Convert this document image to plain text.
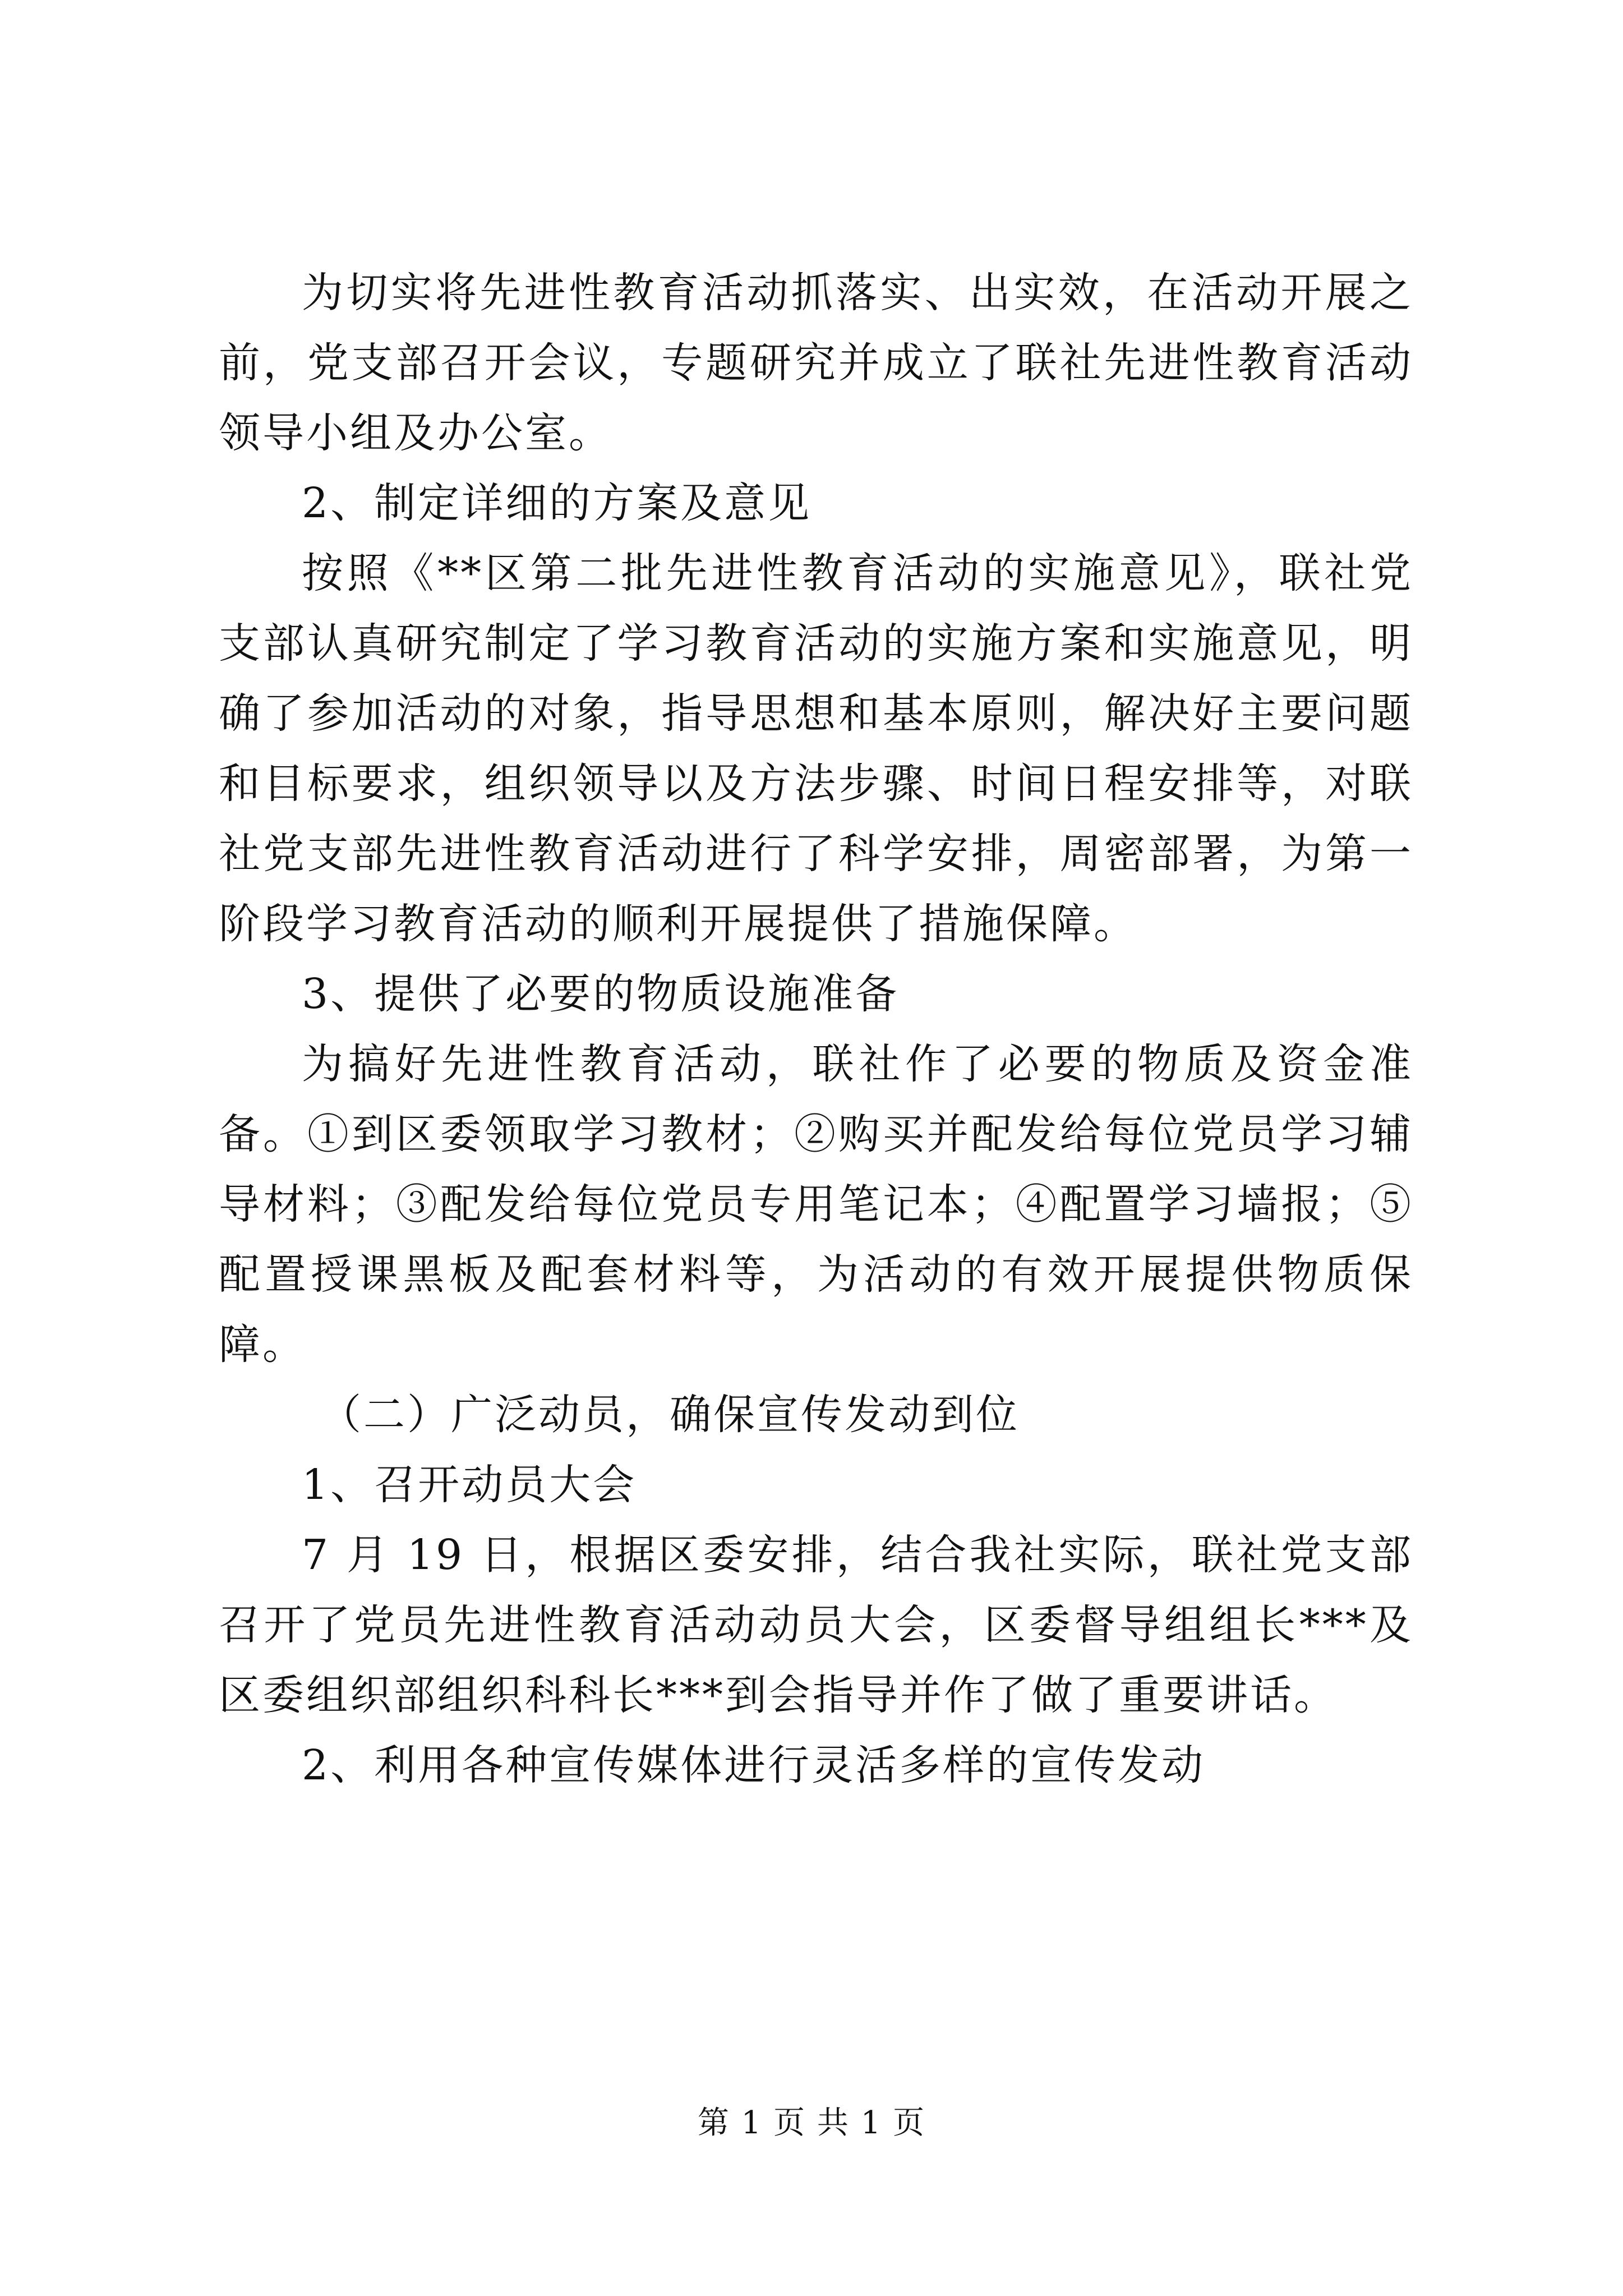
为切实将先进性教育活动抓落实、出实效，在活动开展之前，党支部召开会议，专题研究并成立了联社先进性教育活动领导小组及办公室。

2、制定详细的方案及意见

按照《**区第二批先进性教育活动的实施意见》，联社党支部认真研究制定了学习教育活动的实施方案和实施意见，明确了参加活动的对象，指导思想和基本原则，解决好主要问题和目标要求，组织领导以及方法步骤、时间日程安排等，对联社党支部先进性教育活动进行了科学安排，周密部署，为第一阶段学习教育活动的顺利开展提供了措施保障。

3、提供了必要的物质设施准备

为搞好先进性教育活动，联社作了必要的物质及资金准备。①到区委领取学习教材；②购买并配发给每位党员学习辅导材料；③配发给每位党员专用笔记本；④配置学习墙报；⑤配置授课黑板及配套材料等，为活动的有效开展提供物质保障。

（二）广泛动员，确保宣传发动到位

1、召开动员大会

7 月 19 日，根据区委安排，结合我社实际，联社党支部召开了党员先进性教育活动动员大会，区委督导组组长***及区委组织部组织科科长***到会指导并作了做了重要讲话。

2、利用各种宣传媒体进行灵活多样的宣传发动

第 1 页 共 1 页
